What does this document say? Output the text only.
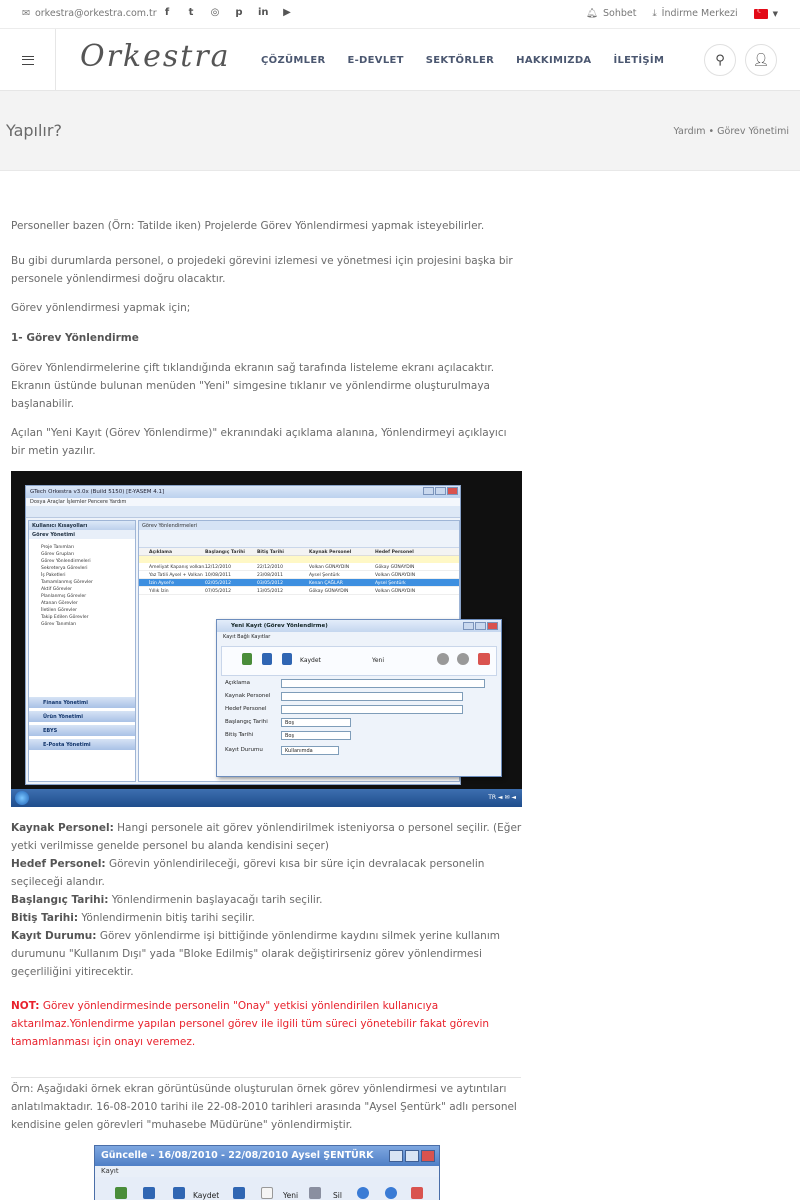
✉ orkestra@orkestra.com.tr f t ◎ p in ▶	🔔︎ Sohbet ⤓ İndirme Merkezi
☾	▼
Orkestra	ÇÖZÜMLER E-DEVLET SEKTÖRLER HAKKIMIZDA İLETİŞİM	⚲ 👤︎
Yapılır?	Yardım • Görev Yönetimi
Personeller bazen (Örn: Tatilde iken) Projelerde Görev Yönlendirmesi yapmak isteyebilirler.
Bu gibi durumlarda personel, o projedeki görevini izlemesi ve yönetmesi için projesini başka bir personele yönlendirmesi doğru olacaktır.
Görev yönlendirmesi yapmak için;
1- Görev Yönlendirme
Görev Yönlendirmelerine çift tıklandığında ekranın sağ tarafında listeleme ekranı açılacaktır. Ekranın üstünde bulunan menüden "Yeni" simgesine tıklanır ve yönlendirme oluşturulmaya başlanabilir.
Açılan "Yeni Kayıt (Görev Yönlendirme)" ekranındaki açıklama alanına, Yönlendirmeyi açıklayıcı bir metin yazılır.
GTech Orkestra v3.0x (Build 5150) [E-YASEM 4.1]
Dosya Araçlar İşlemler Pencere Yardım
Kullanıcı Kısayolları
Görev Yönetimi
Proje Tanımları
Görev Grupları
Görev Yönlendirmeleri
Sekreterya Görevleri
İş Paketleri
Tamamlanmış Görevler
Aktif Görevler
Planlanmış Görevler
Atanan Görevler
İletilen Görevler
Takip Edilen Görevler
Görev Tanımları
Finans Yönetimi
Ürün Yönetimi
EBYS
E-Posta Yönetimi
Görev Yönlendirmeleri
Açıklama	Başlangıç Tarihi	Bitiş Tarihi	Kaynak Personel	Hedef Personel
Ameliyat Kapanış volkan...
12/12/2010	22/12/2010	Volkan GÜNAYDIN	Gökay GÜNAYDIN
Yaz Tatili Aysel + Volkan 10/08/2011	23/08/2011	Aysel Şentürk	Volkan GÜNAYDIN
İzin Aysel'e	02/05/2012	03/05/2012	Kenan ÇAĞLAR	Aysel Şentürk
Yıllık İzin	07/05/2012	13/05/2012	Gökay GÜNAYDIN	Volkan GÜNAYDIN
Yeni Kayıt (Görev Yönlendirme)
Kayıt Bağlı Kayıtlar
Kaydet	Yeni
Açıklama
Kaynak Personel
Hedef Personel
Başlangıç Tarihi	Boş
Bitiş Tarihi	Boş
Kayıt Durumu	Kullanımda
TR ◄ ✉ ◄
Kaynak Personel: Hangi personele ait görev yönlendirilmek isteniyorsa o personel seçilir. (Eğer yetki verilmisse genelde personel bu alanda kendisini seçer)
Hedef Personel: Görevin yönlendirileceği, görevi kısa bir süre için devralacak personelin seçileceği alandır.
Başlangıç Tarihi: Yönlendirmenin başlayacağı tarih seçilir.
Bitiş Tarihi: Yönlendirmenin bitiş tarihi seçilir.
Kayıt Durumu: Görev yönlendirme işi bittiğinde yönlendirme kaydını silmek yerine kullanım durumunu "Kullanım Dışı" yada "Bloke Edilmiş" olarak değiştirirseniz görev yönlendirmesi geçerliliğini yitirecektir.
NOT: Görev yönlendirmesinde personelin "Onay" yetkisi yönlendirilen kullanıcıya aktarılmaz.Yönlendirme yapılan personel görev ile ilgili tüm süreci yönetebilir fakat görevin tamamlanması için onayı veremez.
Örn: Aşağıdaki örnek ekran görüntüsünde oluşturulan örnek görev yönlendirmesi ve aytıntıları anlatılmaktadır. 16-08-2010 tarihi ile 22-08-2010 tarihleri arasında "Aysel Şentürk" adlı personel kendisine gelen görevleri "muhasebe Müdürüne" yönlendirmiştir.
Güncelle - 16/08/2010 - 22/08/2010 Aysel ŞENTÜRK
Kayıt
Kaydet	Yeni	Sil
